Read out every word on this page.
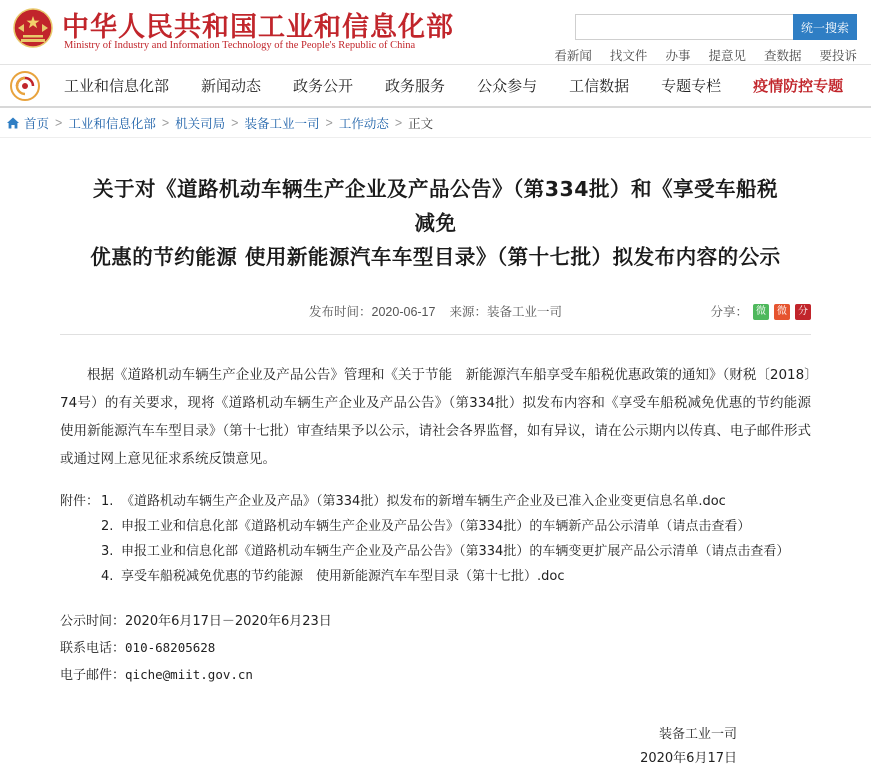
中华人民共和国工业和信息化部
Ministry of Industry and Information Technology of the People's Republic of China
统一搜索
看新闻 找文件 办事 提意见 查数据 要投诉
工业和信息化部	新闻动态	政务公开	政务服务	公众参与	工信数据	专题专栏	疫情防控专题
首页 > 工业和信息化部 > 机关司局 > 装备工业一司 > 工作动态 > 正文
关于对《道路机动车辆生产企业及产品公告》（第334批）和《享受车船税减免
优惠的节约能源 使用新能源汽车车型目录》（第十七批）拟发布内容的公示
发布时间：2020-06-17 来源：装备工业一司	分享： 微	微	分

根据《道路机动车辆生产企业及产品公告》管理和《关于节能　新能源汽车船享受车船税优惠政策的通知》（财税〔2018〕74号）的有关要求，现将《道路机动车辆生产企业及产品公告》（第334批）拟发布内容和《享受车船税减免优惠的节约能源　使用新能源汽车车型目录》（第十七批）审查结果予以公示，请社会各界监督，如有异议，请在公示期内以传真、电子邮件形式或通过网上意见征求系统反馈意见。

附件： 1. 《道路机动车辆生产企业及产品》（第334批）拟发布的新增车辆生产企业及已准入企业变更信息名单.doc
2. 申报工业和信息化部《道路机动车辆生产企业及产品公告》（第334批）的车辆新产品公示清单（请点击查看）
3. 申报工业和信息化部《道路机动车辆生产企业及产品公告》（第334批）的车辆变更扩展产品公示清单（请点击查看）
4. 享受车船税减免优惠的节约能源　使用新能源汽车车型目录（第十七批）.doc
公示时间：2020年6月17日－2020年6月23日
联系电话：010-68205628
电子邮件：qiche@miit.gov.cn
装备工业一司
2020年6月17日
